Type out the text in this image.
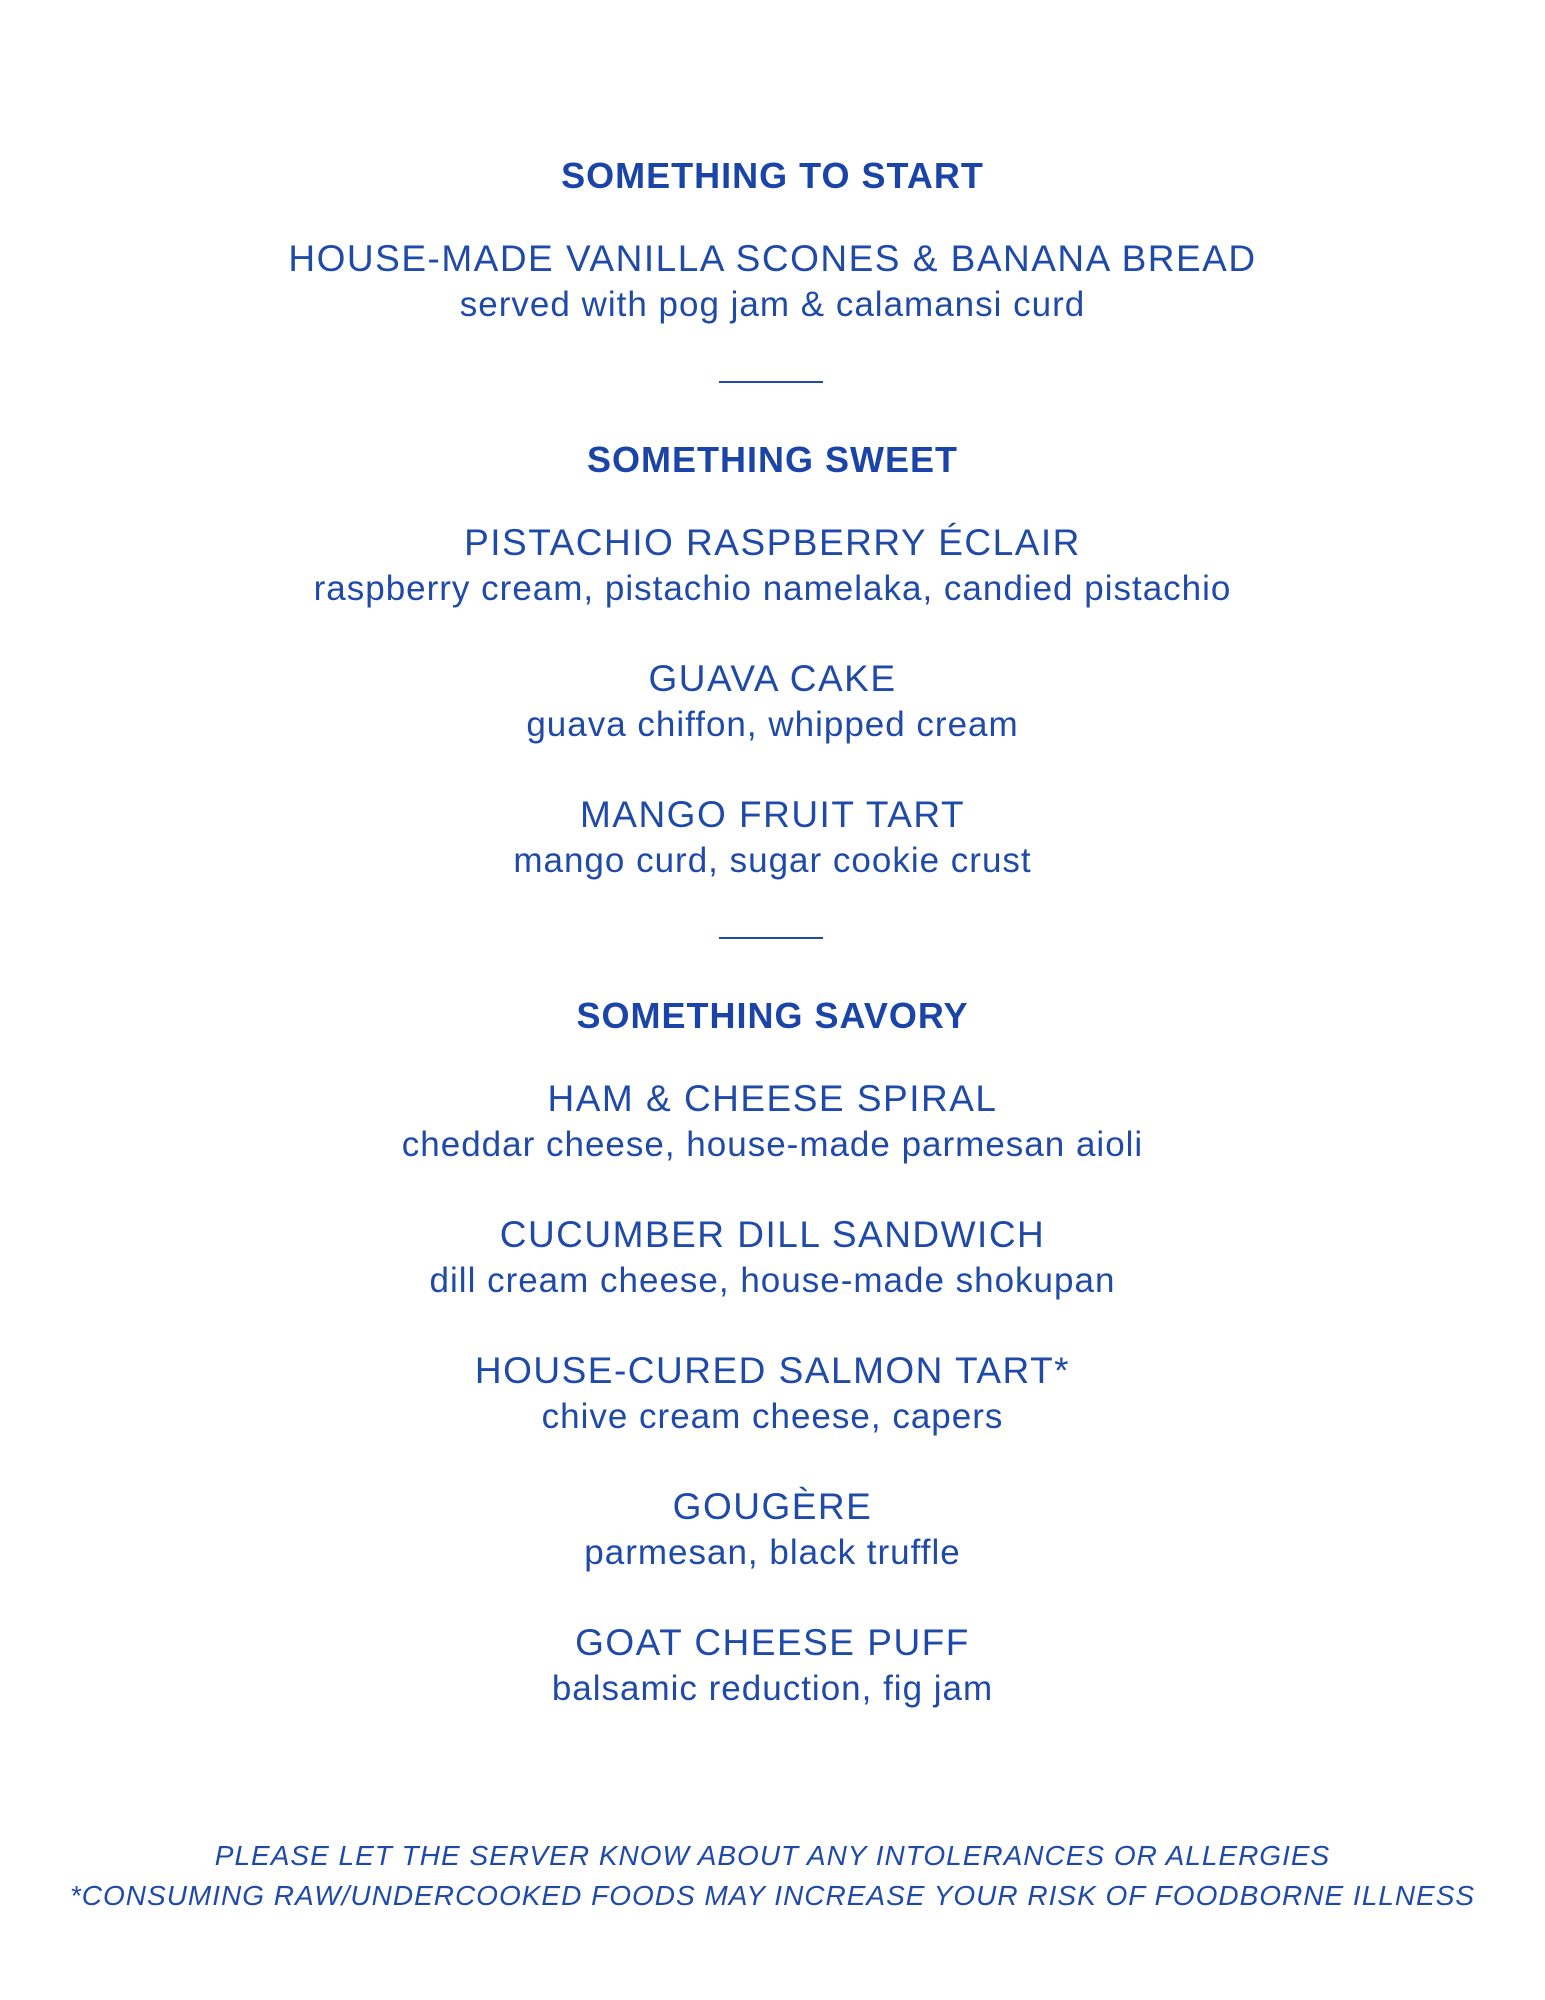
SOMETHING TO START
HOUSE-MADE VANILLA SCONES & BANANA BREAD
served with pog jam & calamansi curd
SOMETHING SWEET
PISTACHIO RASPBERRY ÉCLAIR
raspberry cream, pistachio namelaka, candied pistachio
GUAVA CAKE
guava chiffon, whipped cream
MANGO FRUIT TART
mango curd, sugar cookie crust
SOMETHING SAVORY
HAM & CHEESE SPIRAL
cheddar cheese, house-made parmesan aioli
CUCUMBER DILL SANDWICH
dill cream cheese, house-made shokupan
HOUSE-CURED SALMON TART*
chive cream cheese, capers
GOUGÈRE
parmesan, black truffle
GOAT CHEESE PUFF
balsamic reduction, fig jam
PLEASE LET THE SERVER KNOW ABOUT ANY INTOLERANCES OR ALLERGIES
*CONSUMING RAW/UNDERCOOKED FOODS MAY INCREASE YOUR RISK OF FOODBORNE ILLNESS
